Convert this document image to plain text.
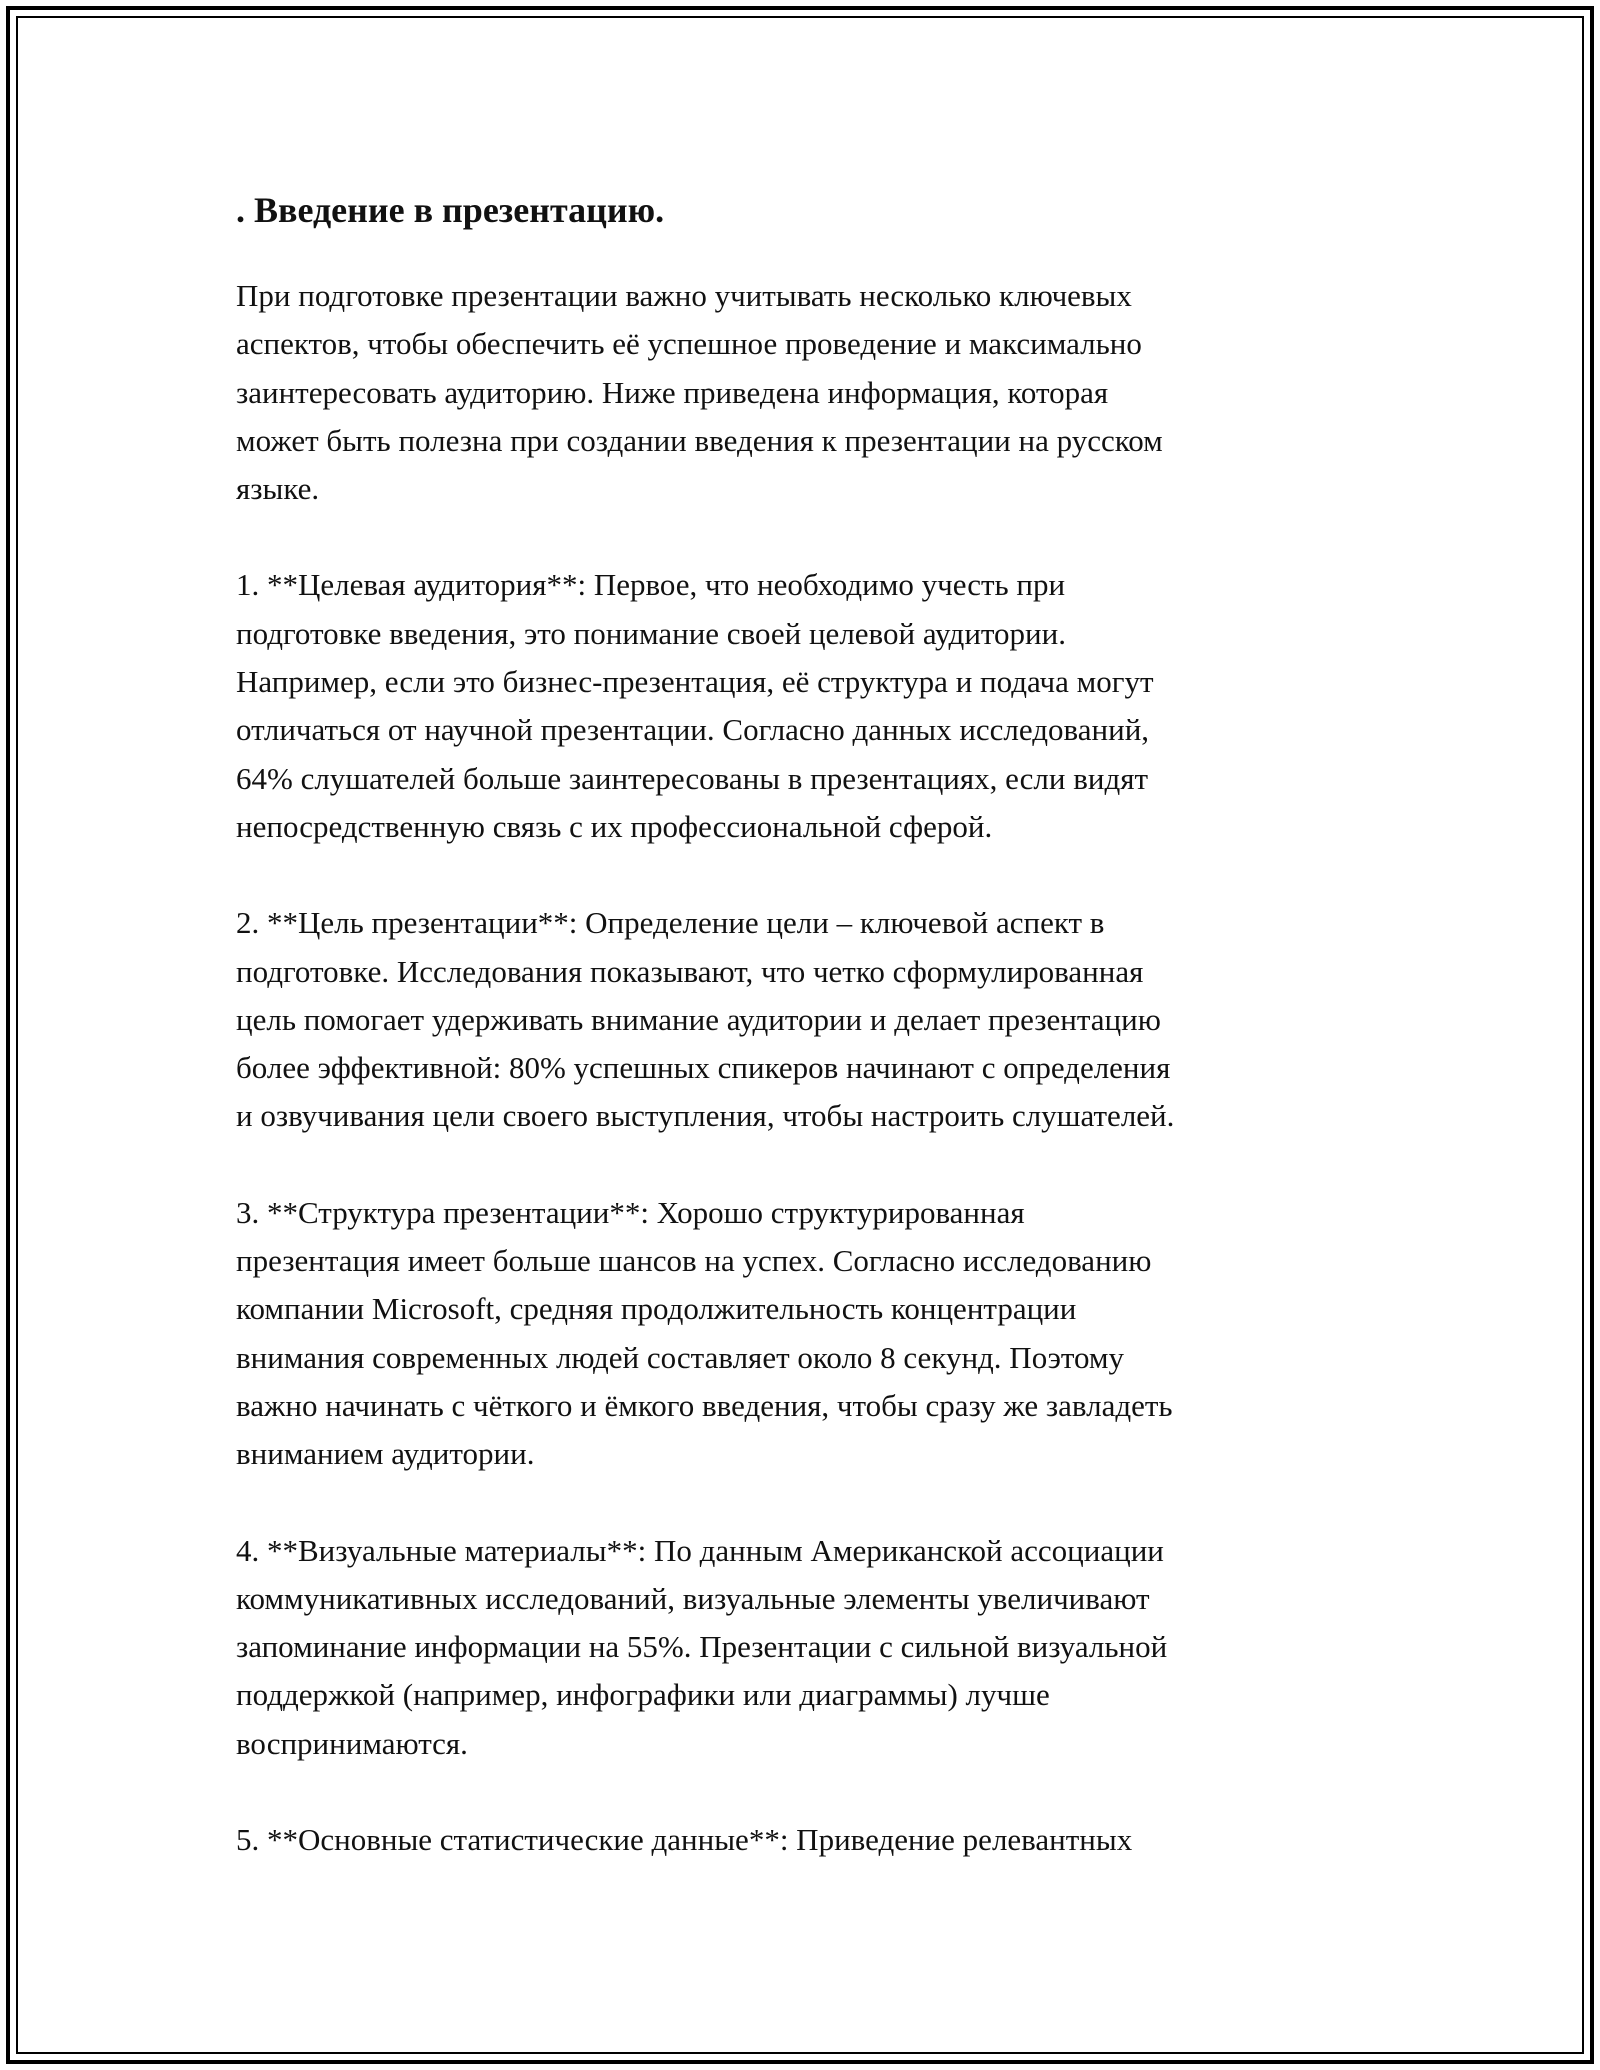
. Введение в презентацию.

При подготовке презентации важно учитывать несколько ключевых
аспектов, чтобы обеспечить её успешное проведение и максимально
заинтересовать аудиторию. Ниже приведена информация, которая
может быть полезна при создании введения к презентации на русском
языке.

1. **Целевая аудитория**: Первое, что необходимо учесть при
подготовке введения, это понимание своей целевой аудитории.
Например, если это бизнес-презентация, её структура и подача могут
отличаться от научной презентации. Согласно данных исследований,
64% слушателей больше заинтересованы в презентациях, если видят
непосредственную связь с их профессиональной сферой.

2. **Цель презентации**: Определение цели – ключевой аспект в
подготовке. Исследования показывают, что четко сформулированная
цель помогает удерживать внимание аудитории и делает презентацию
более эффективной: 80% успешных спикеров начинают с определения
и озвучивания цели своего выступления, чтобы настроить слушателей.

3. **Структура презентации**: Хорошо структурированная
презентация имеет больше шансов на успех. Согласно исследованию
компании Microsoft, средняя продолжительность концентрации
внимания современных людей составляет около 8 секунд. Поэтому
важно начинать с чёткого и ёмкого введения, чтобы сразу же завладеть
вниманием аудитории.

4. **Визуальные материалы**: По данным Американской ассоциации
коммуникативных исследований, визуальные элементы увеличивают
запоминание информации на 55%. Презентации с сильной визуальной
поддержкой (например, инфографики или диаграммы) лучше
воспринимаются.

5. **Основные статистические данные**: Приведение релевантных
